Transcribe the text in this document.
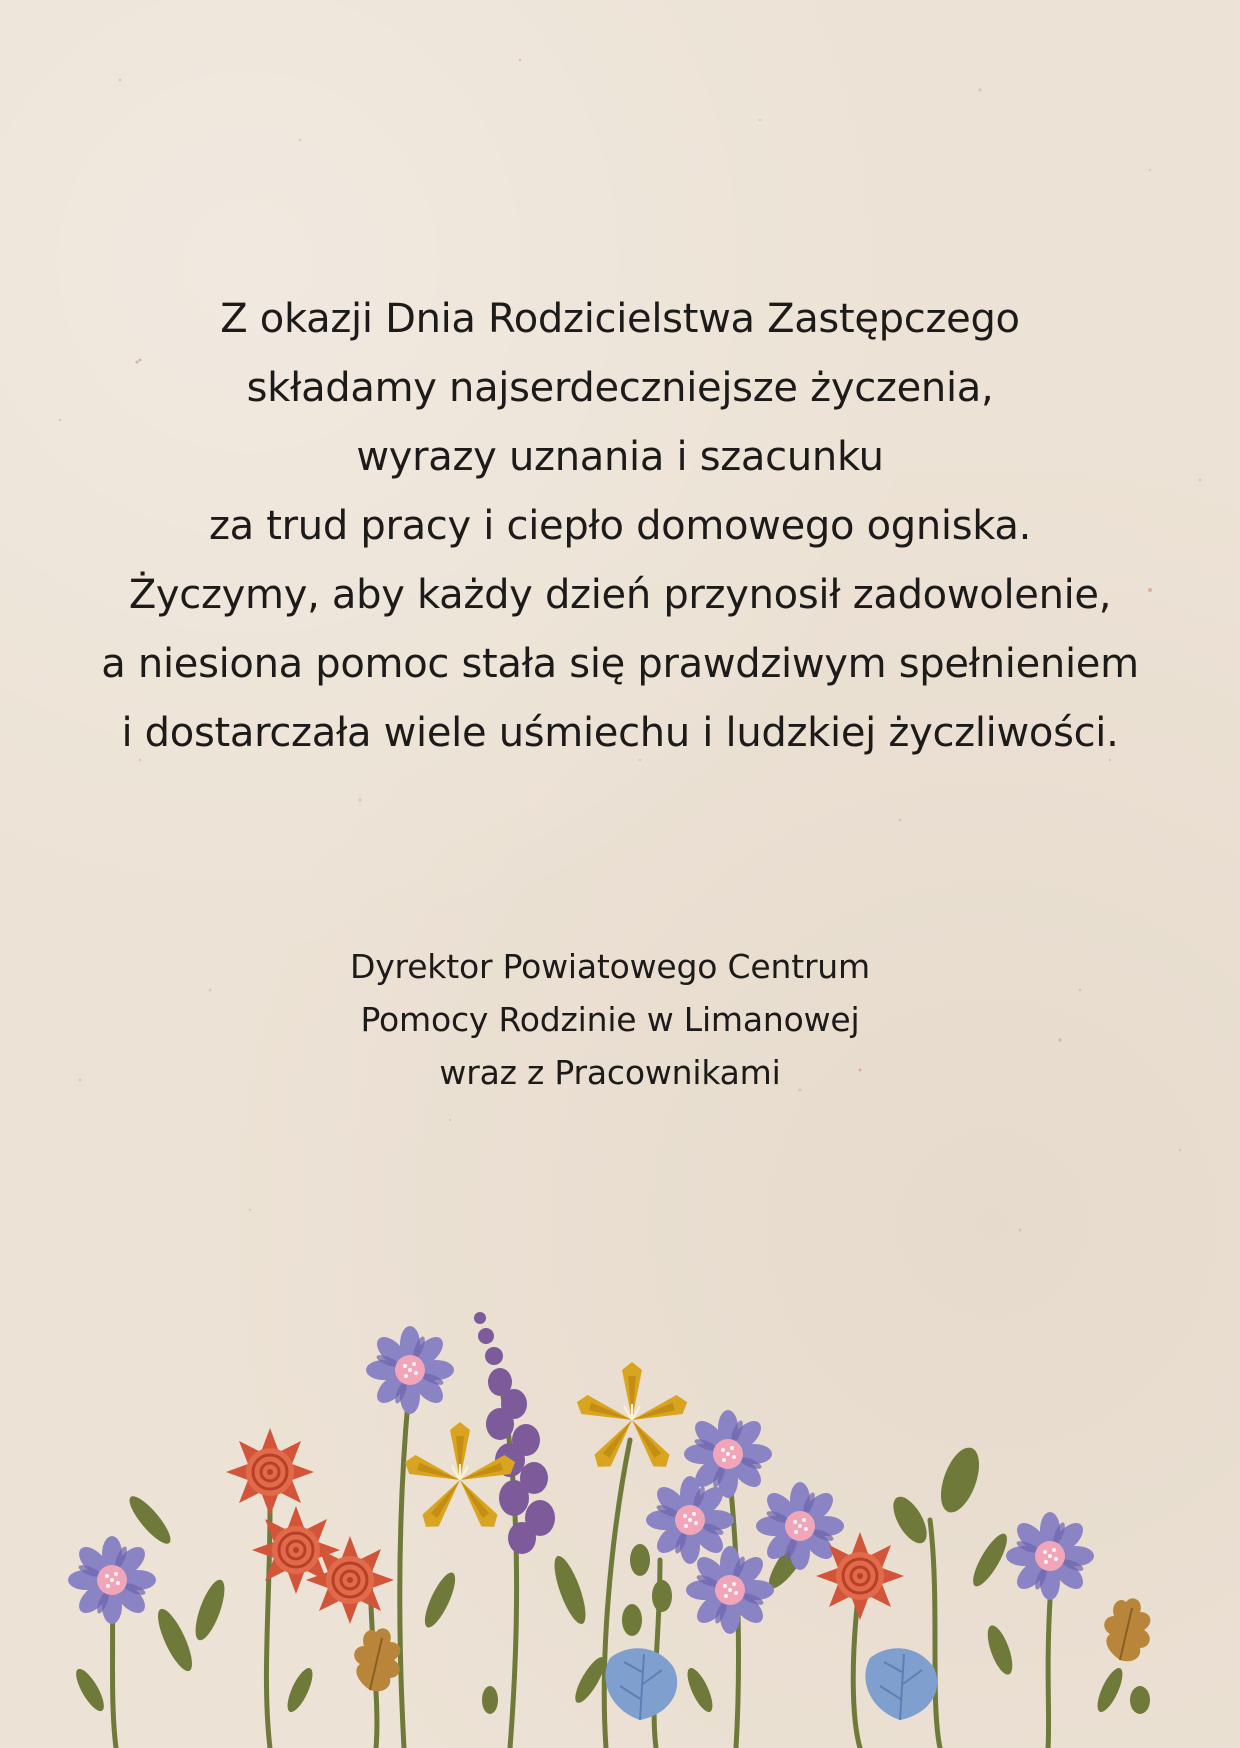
Z okazji Dnia Rodzicielstwa Zastępczego
składamy najserdeczniejsze życzenia,
wyrazy uznania i szacunku
za trud pracy i ciepło domowego ogniska.
Życzymy, aby każdy dzień przynosił zadowolenie,
a niesiona pomoc stała się prawdziwym spełnieniem
i dostarczała wiele uśmiechu i ludzkiej życzliwości.
Dyrektor Powiatowego Centrum
Pomocy Rodzinie w Limanowej
wraz z Pracownikami
